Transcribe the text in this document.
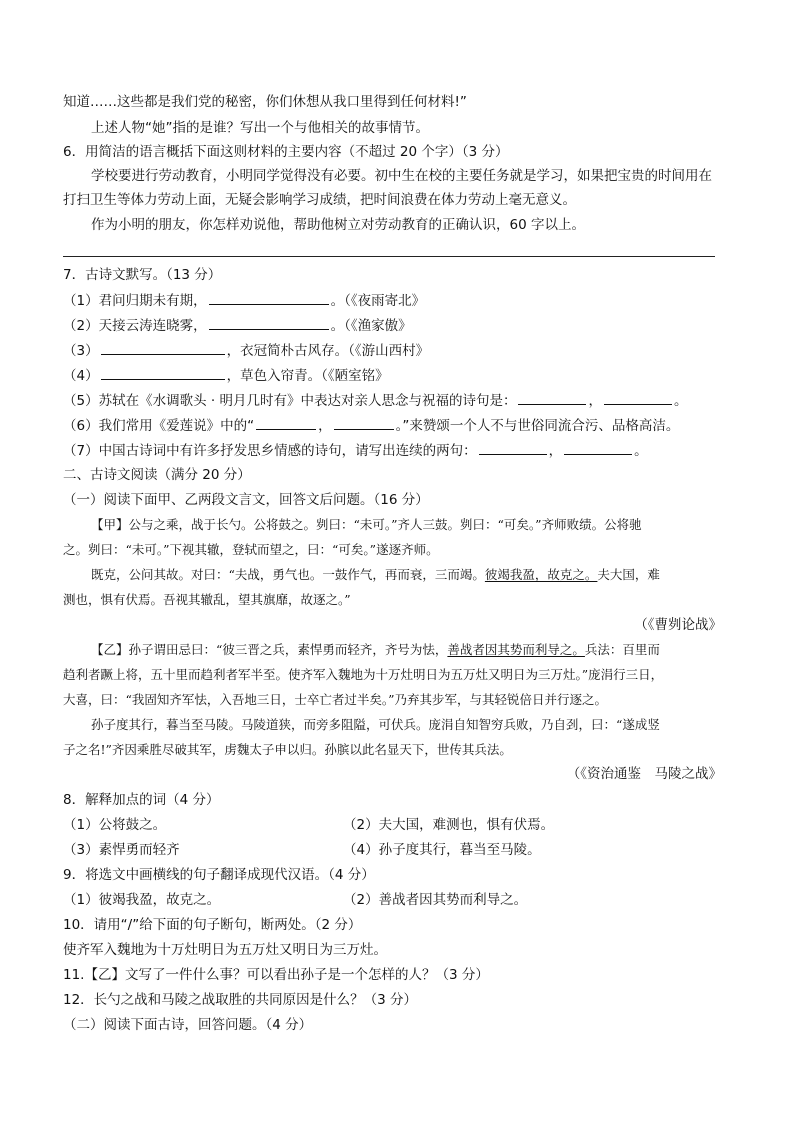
知道……这些都是我们党的秘密，你们休想从我口里得到任何材料!”
上述人物“她”指的是谁？写出一个与他相关的故事情节。
6．用简洁的语言概括下面这则材料的主要内容（不超过 20 个字）（3 分）
学校要进行劳动教育，小明同学觉得没有必要。初中生在校的主要任务就是学习，如果把宝贵的时间用在
打扫卫生等体力劳动上面，无疑会影响学习成绩，把时间浪费在体力劳动上毫无意义。
作为小明的朋友，你怎样劝说他，帮助他树立对劳动教育的正确认识，60 字以上。
7．古诗文默写。（13 分）
（1）君问归期未有期，	。（《夜雨寄北》
（2）天接云涛连晓雾，	。（《渔家傲》
（3）	，衣冠简朴古风存。（《游山西村》
（4）	，草色入帘青。（《陋室铭》
（5）苏轼在《水调歌头 · 明月几时有》中表达对亲人思念与祝福的诗句是：	，	。
（6）我们常用《爱莲说》中的“	，	。”来赞颂一个人不与世俗同流合污、品格高洁。
（7）中国古诗词中有许多抒发思乡情感的诗句，请写出连续的两句：	，	。
二、古诗文阅读（满分 20 分）
（一）阅读下面甲、乙两段文言文，回答文后问题。（16 分）
【甲】公与之乘，战于长勺。公将鼓之。刿曰：“未可。”齐人三鼓。刿曰：“可矣。”齐师败绩。公将驰
之。刿曰：“未可。”下视其辙，登轼而望之，曰：“可矣。”遂逐齐师。
既克，公问其故。对曰：“夫战，勇气也。一鼓作气，再而衰，三而竭。彼竭我盈，故克之。夫大国，难
测也，惧有伏焉。吾视其辙乱，望其旗靡，故逐之。”
（《曹刿论战》
【乙】孙子谓田忌曰：“彼三晋之兵，素悍勇而轻齐，齐号为怯，善战者因其势而利导之。兵法：百里而
趋利者蹶上将，五十里而趋利者军半至。使齐军入魏地为十万灶明日为五万灶又明日为三万灶。”庞涓行三日，
大喜，曰：“我固知齐军怯，入吾地三日，士卒亡者过半矣。”乃弃其步军，与其轻锐倍日并行逐之。
孙子度其行，暮当至马陵。马陵道狭，而旁多阻隘，可伏兵。庞涓自知智穷兵败，乃自刭，曰：“遂成竖
子之名!”齐因乘胜尽破其军，虏魏太子申以归。孙膑以此名显天下，世传其兵法。
（《资治通鉴　马陵之战》
8．解释加点的词（4 分）
（1）公将鼓之。	（2）夫大国，难测也，惧有伏焉。
（3）素悍勇而轻齐	（4）孙子度其行，暮当至马陵。
9．将选文中画横线的句子翻译成现代汉语。（4 分）
（1）彼竭我盈，故克之。	（2）善战者因其势而利导之。
10．请用“/”给下面的句子断句，断两处。（2 分）
使齐军入魏地为十万灶明日为五万灶又明日为三万灶。
11.【乙】文写了一件什么事？可以看出孙子是一个怎样的人？（3 分）
12．长勺之战和马陵之战取胜的共同原因是什么？（3 分）
（二）阅读下面古诗，回答问题。（4 分）
